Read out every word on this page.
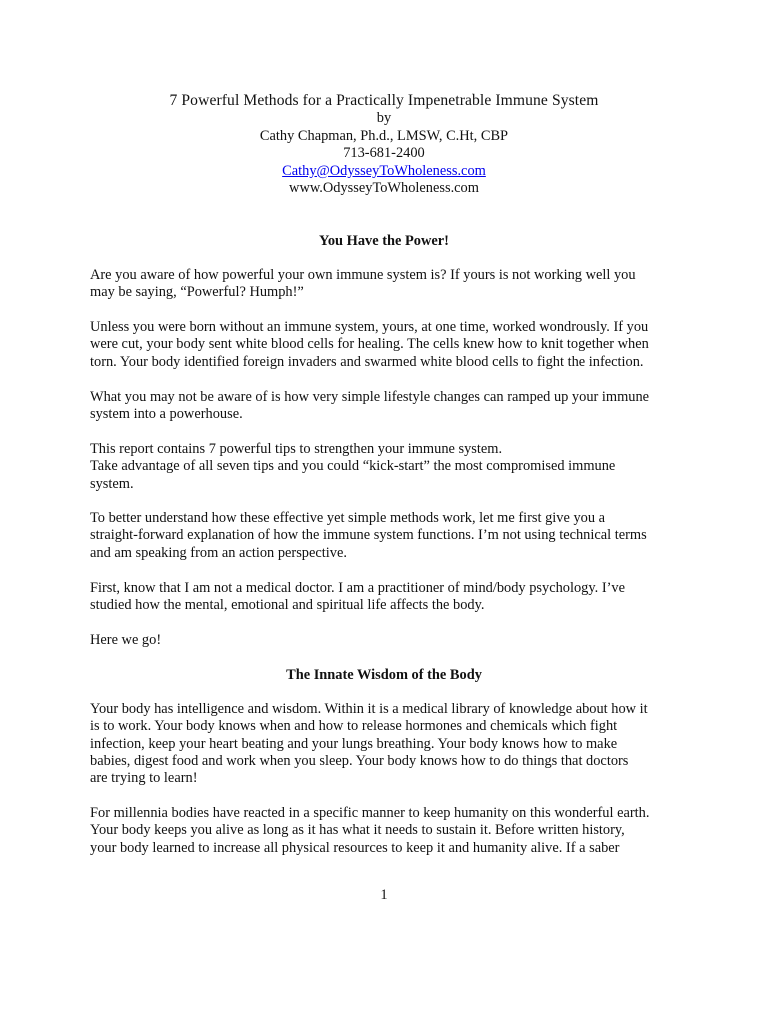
7 Powerful Methods for a Practically Impenetrable Immune System
by
Cathy Chapman, Ph.d., LMSW, C.Ht, CBP
713-681-2400
Cathy@OdysseyToWholeness.com
www.OdysseyToWholeness.com
You Have the Power!

Are you aware of how powerful your own immune system is? If yours is not working well you

may be saying, “Powerful? Humph!”

Unless you were born without an immune system, yours, at one time, worked wondrously. If you

were cut, your body sent white blood cells for healing. The cells knew how to knit together when

torn. Your body identified foreign invaders and swarmed white blood cells to fight the infection.

What you may not be aware of is how very simple lifestyle changes can ramped up your immune

system into a powerhouse.

This report contains 7 powerful tips to strengthen your immune system.

Take advantage of all seven tips and you could “kick-start” the most compromised immune

system.

To better understand how these effective yet simple methods work, let me first give you a

straight-forward explanation of how the immune system functions. I’m not using technical terms

and am speaking from an action perspective.

First, know that I am not a medical doctor. I am a practitioner of mind/body psychology. I’ve

studied how the mental, emotional and spiritual life affects the body.

Here we go!

The Innate Wisdom of the Body

Your body has intelligence and wisdom. Within it is a medical library of knowledge about how it

is to work. Your body knows when and how to release hormones and chemicals which fight

infection, keep your heart beating and your lungs breathing. Your body knows how to make

babies, digest food and work when you sleep. Your body knows how to do things that doctors

are trying to learn!

For millennia bodies have reacted in a specific manner to keep humanity on this wonderful earth.

Your body keeps you alive as long as it has what it needs to sustain it. Before written history,

your body learned to increase all physical resources to keep it and humanity alive. If a saber

1
